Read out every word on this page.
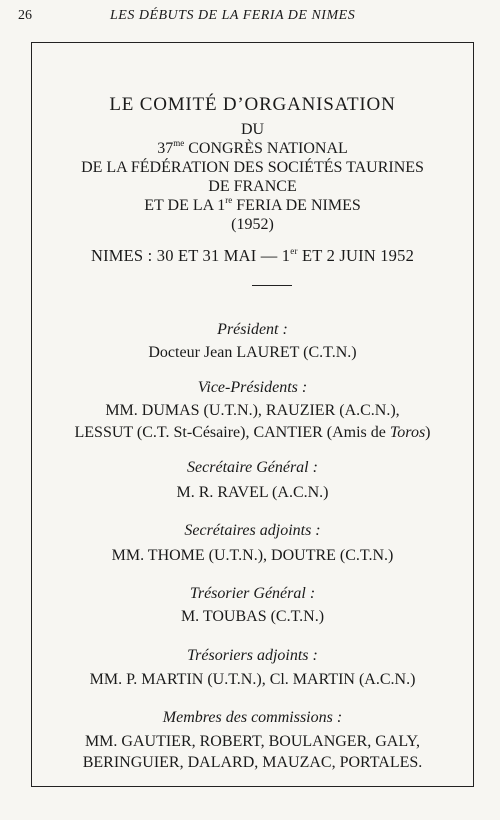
26	LES DÉBUTS DE LA FERIA DE NIMES
LE COMITÉ D’ORGANISATION
DU
$37^{me}$ CONGRÈS NATIONAL
DE LA FÉDÉRATION DES SOCIÉTÉS TAURINES
DE FRANCE
ET DE LA 1re FERIA DE NIMES
(1952)
NIMES : 30 ET 31 MAI — 1er ET 2 JUIN 1952
Président :
Docteur Jean LAURET (C.T.N.)
Vice-Présidents :
MM. DUMAS (U.T.N.), RAUZIER (A.C.N.),
LESSUT (C.T. St-Césaire), CANTIER (Amis de Toros)
Secrétaire Général :
M. R. RAVEL (A.C.N.)
Secrétaires adjoints :
MM. THOME (U.T.N.), DOUTRE (C.T.N.)
Trésorier Général :
M. TOUBAS (C.T.N.)
Trésoriers adjoints :
MM. P. MARTIN (U.T.N.), Cl. MARTIN (A.C.N.)
Membres des commissions :
MM. GAUTIER, ROBERT, BOULANGER, GALY,
BERINGUIER, DALARD, MAUZAC, PORTALES.
